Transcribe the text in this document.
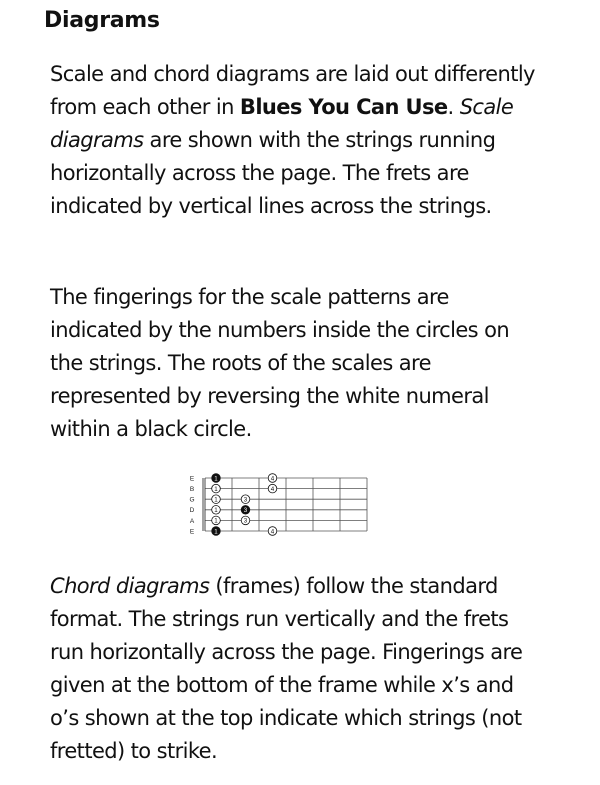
Diagrams

Scale and chord diagrams are laid out differently from each other in Blues You Can Use. Scale diagrams are shown with the strings running horizontally across the page. The frets are indicated by vertical lines across the strings.

The fingerings for the scale patterns are indicated by the numbers inside the circles on the strings. The roots of the scales are represented by reversing the white numeral within a black circle.

E
B
G
D
A
E
1	4
1	4
1	3
1	3
1	3
1	4

Chord diagrams (frames) follow the standard format. The strings run vertically and the frets run horizontally across the page. Fingerings are given at the bottom of the frame while x’s and o’s shown at the top indicate which strings (not fretted) to strike.
